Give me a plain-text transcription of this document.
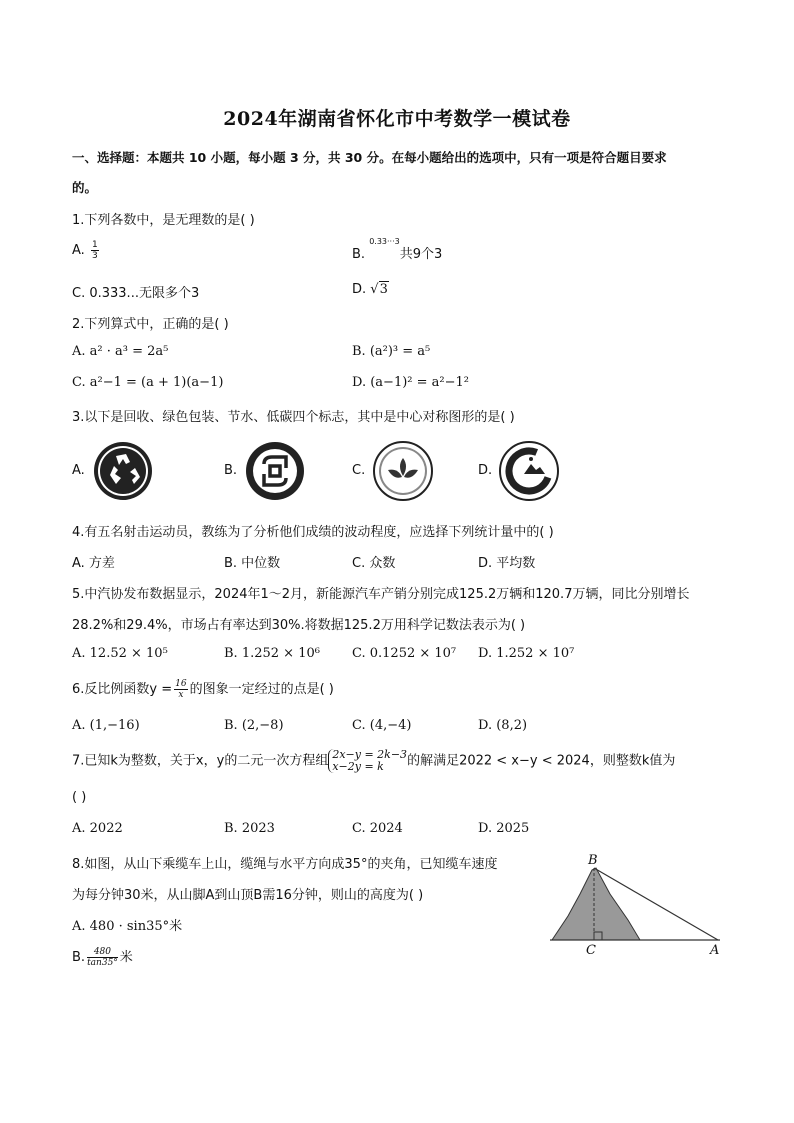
2024年湖南省怀化市中考数学一模试卷
一、选择题：本题共 10 小题，每小题 3 分，共 30 分。在每小题给出的选项中，只有一项是符合题目要求
的。
1.下列各数中，是无理数的是( )
A. $\frac{1}{3}$	B. $^{0.33\cdot\cdot\cdot 3}$共9个3
C. 0.333...无限多个3	D. √3
2.下列算式中，正确的是( )
A. a² · a³ = 2a⁵	B. (a²)³ = a⁵
C. a²−1 = (a + 1)(a−1)	D. (a−1)² = a²−1²
3.以下是回收、绿色包装、节水、低碳四个标志，其中是中心对称图形的是( )
A.	B.	C.	D.
4.有五名射击运动员，教练为了分析他们成绩的波动程度，应选择下列统计量中的( )
A. 方差	B. 中位数	C. 众数	D. 平均数
5.中汽协发布数据显示，2024年1～2月，新能源汽车产销分别完成125.2万辆和120.7万辆，同比分别增长
28.2%和29.4%，市场占有率达到30%.将数据125.2万用科学记数法表示为( )
A. 12.52 × 10⁵	B. 1.252 × 10⁶ C. 0.1252 × 10⁷ D. 1.252 × 10⁷
6.反比例函数$y = \frac{16}{x}$ 的图象一定经过的点是( )
A. (1,−16)	B. (2,−8)	C. (4,−4)	D. (8,2)
7.已知k为整数，关于x，y的二元一次方程组 2x−y = 2k−3
x−2y = k	的解满足2022 < x−y < 2024，则整数k值为
( )
A. 2022	B. 2023	C. 2024	D. 2025
8.如图，从山下乘缆车上山，缆绳与水平方向成35°的夹角，已知缆车速度
为每分钟30米，从山脚A到山顶B需16分钟，则山的高度为( )
A. 480 · sin35°米
B. $\frac{480}{\tan 35^\circ}$ 米
B
C	A
